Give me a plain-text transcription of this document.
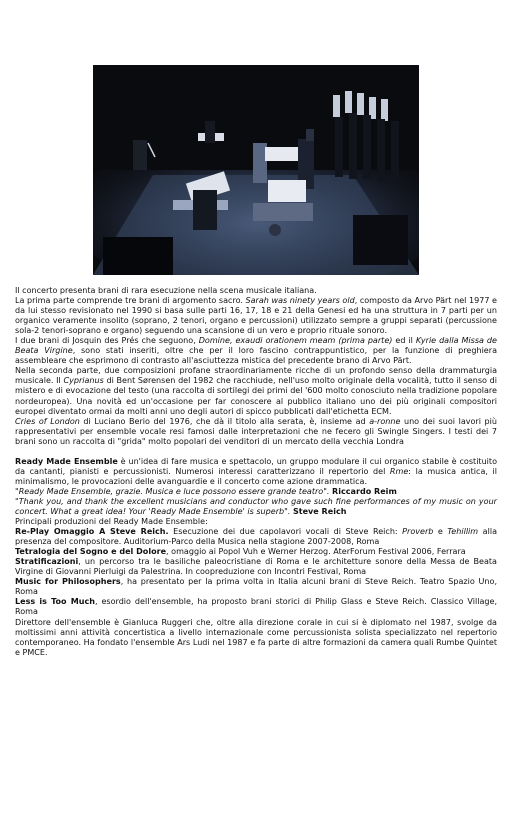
Il concerto presenta brani di rara esecuzione nella scena musicale italiana.

La prima parte comprende tre brani di argomento sacro. Sarah was ninety years old, composto da Arvo Pärt nel 1977 e da lui stesso revisionato nel 1990 si basa sulle parti 16, 17, 18 e 21 della Genesi ed ha una struttura in 7 parti per un organico veramente insolito (soprano, 2 tenori, organo e percussioni) utilizzato sempre a gruppi separati (percussione sola-2 tenori-soprano e organo) seguendo una scansione di un vero e proprio rituale sonoro.

I due brani di Josquin des Prés che seguono, Domine, exaudi orationem meam (prima parte) ed il Kyrie dalla Missa de Beata Virgine, sono stati inseriti, oltre che per il loro fascino contrappuntistico, per la funzione di preghiera assembleare che esprimono di contrasto all'asciuttezza mistica del precedente brano di Arvo Pärt.

Nella seconda parte, due composizioni profane straordinariamente ricche di un profondo senso della drammaturgia musicale. Il Cyprianus di Bent Sørensen del 1982 che racchiude, nell'uso molto originale della vocalità, tutto il senso di mistero e di evocazione del testo (una raccolta di sortilegi dei primi del '600 molto conosciuto nella tradizione popolare nordeuropea). Una novità ed un'occasione per far conoscere al pubblico italiano uno dei più originali compositori europei diventato ormai da molti anni uno degli autori di spicco pubblicati dall'etichetta ECM.

Cries of London di Luciano Berio del 1976, che dà il titolo alla serata, è, insieme ad a-ronne uno dei suoi lavori più rappresentativi per ensemble vocale resi famosi dalle interpretazioni che ne fecero gli Swingle Singers. I testi dei 7 brani sono un raccolta di "grida" molto popolari dei venditori di un mercato della vecchia Londra

Ready Made Ensemble è un'idea di fare musica e spettacolo, un gruppo modulare il cui organico stabile è costituito da cantanti, pianisti e percussionisti. Numerosi interessi caratterizzano il repertorio del Rme: la musica antica, il minimalismo, le provocazioni delle avanguardie e il concerto come azione drammatica.

"Ready Made Ensemble, grazie. Musica e luce possono essere grande teatro". Riccardo Reim

"Thank you, and thank the excellent musicians and conductor who gave such fine performances of my music on your concert. What a great idea! Your 'Ready Made Ensemble' is superb". Steve Reich

Principali produzioni del Ready Made Ensemble:

Re-Play Omaggio A Steve Reich. Esecuzione dei due capolavori vocali di Steve Reich: Proverb e Tehillim alla presenza del compositore. Auditorium-Parco della Musica nella stagione 2007-2008, Roma

Tetralogia del Sogno e del Dolore, omaggio ai Popol Vuh e Werner Herzog. AterForum Festival 2006, Ferrara

Stratificazioni, un percorso tra le basiliche paleocristiane di Roma e le architetture sonore della Messa de Beata Virgine di Giovanni Pierluigi da Palestrina. In coopreduzione con Incontri Festival, Roma

Music for Philosophers, ha presentato per la prima volta in Italia alcuni brani di Steve Reich. Teatro Spazio Uno, Roma

Less is Too Much, esordio dell'ensemble, ha proposto brani storici di Philip Glass e Steve Reich. Classico Village, Roma

Direttore dell'ensemble è Gianluca Ruggeri che, oltre alla direzione corale in cui si è diplomato nel 1987, svolge da moltissimi anni attività concertistica a livello internazionale come percussionista solista specializzato nel repertorio contemporaneo. Ha fondato l'ensemble Ars Ludi nel 1987 e fa parte di altre formazioni da camera quali Rumbe Quintet e PMCE.
